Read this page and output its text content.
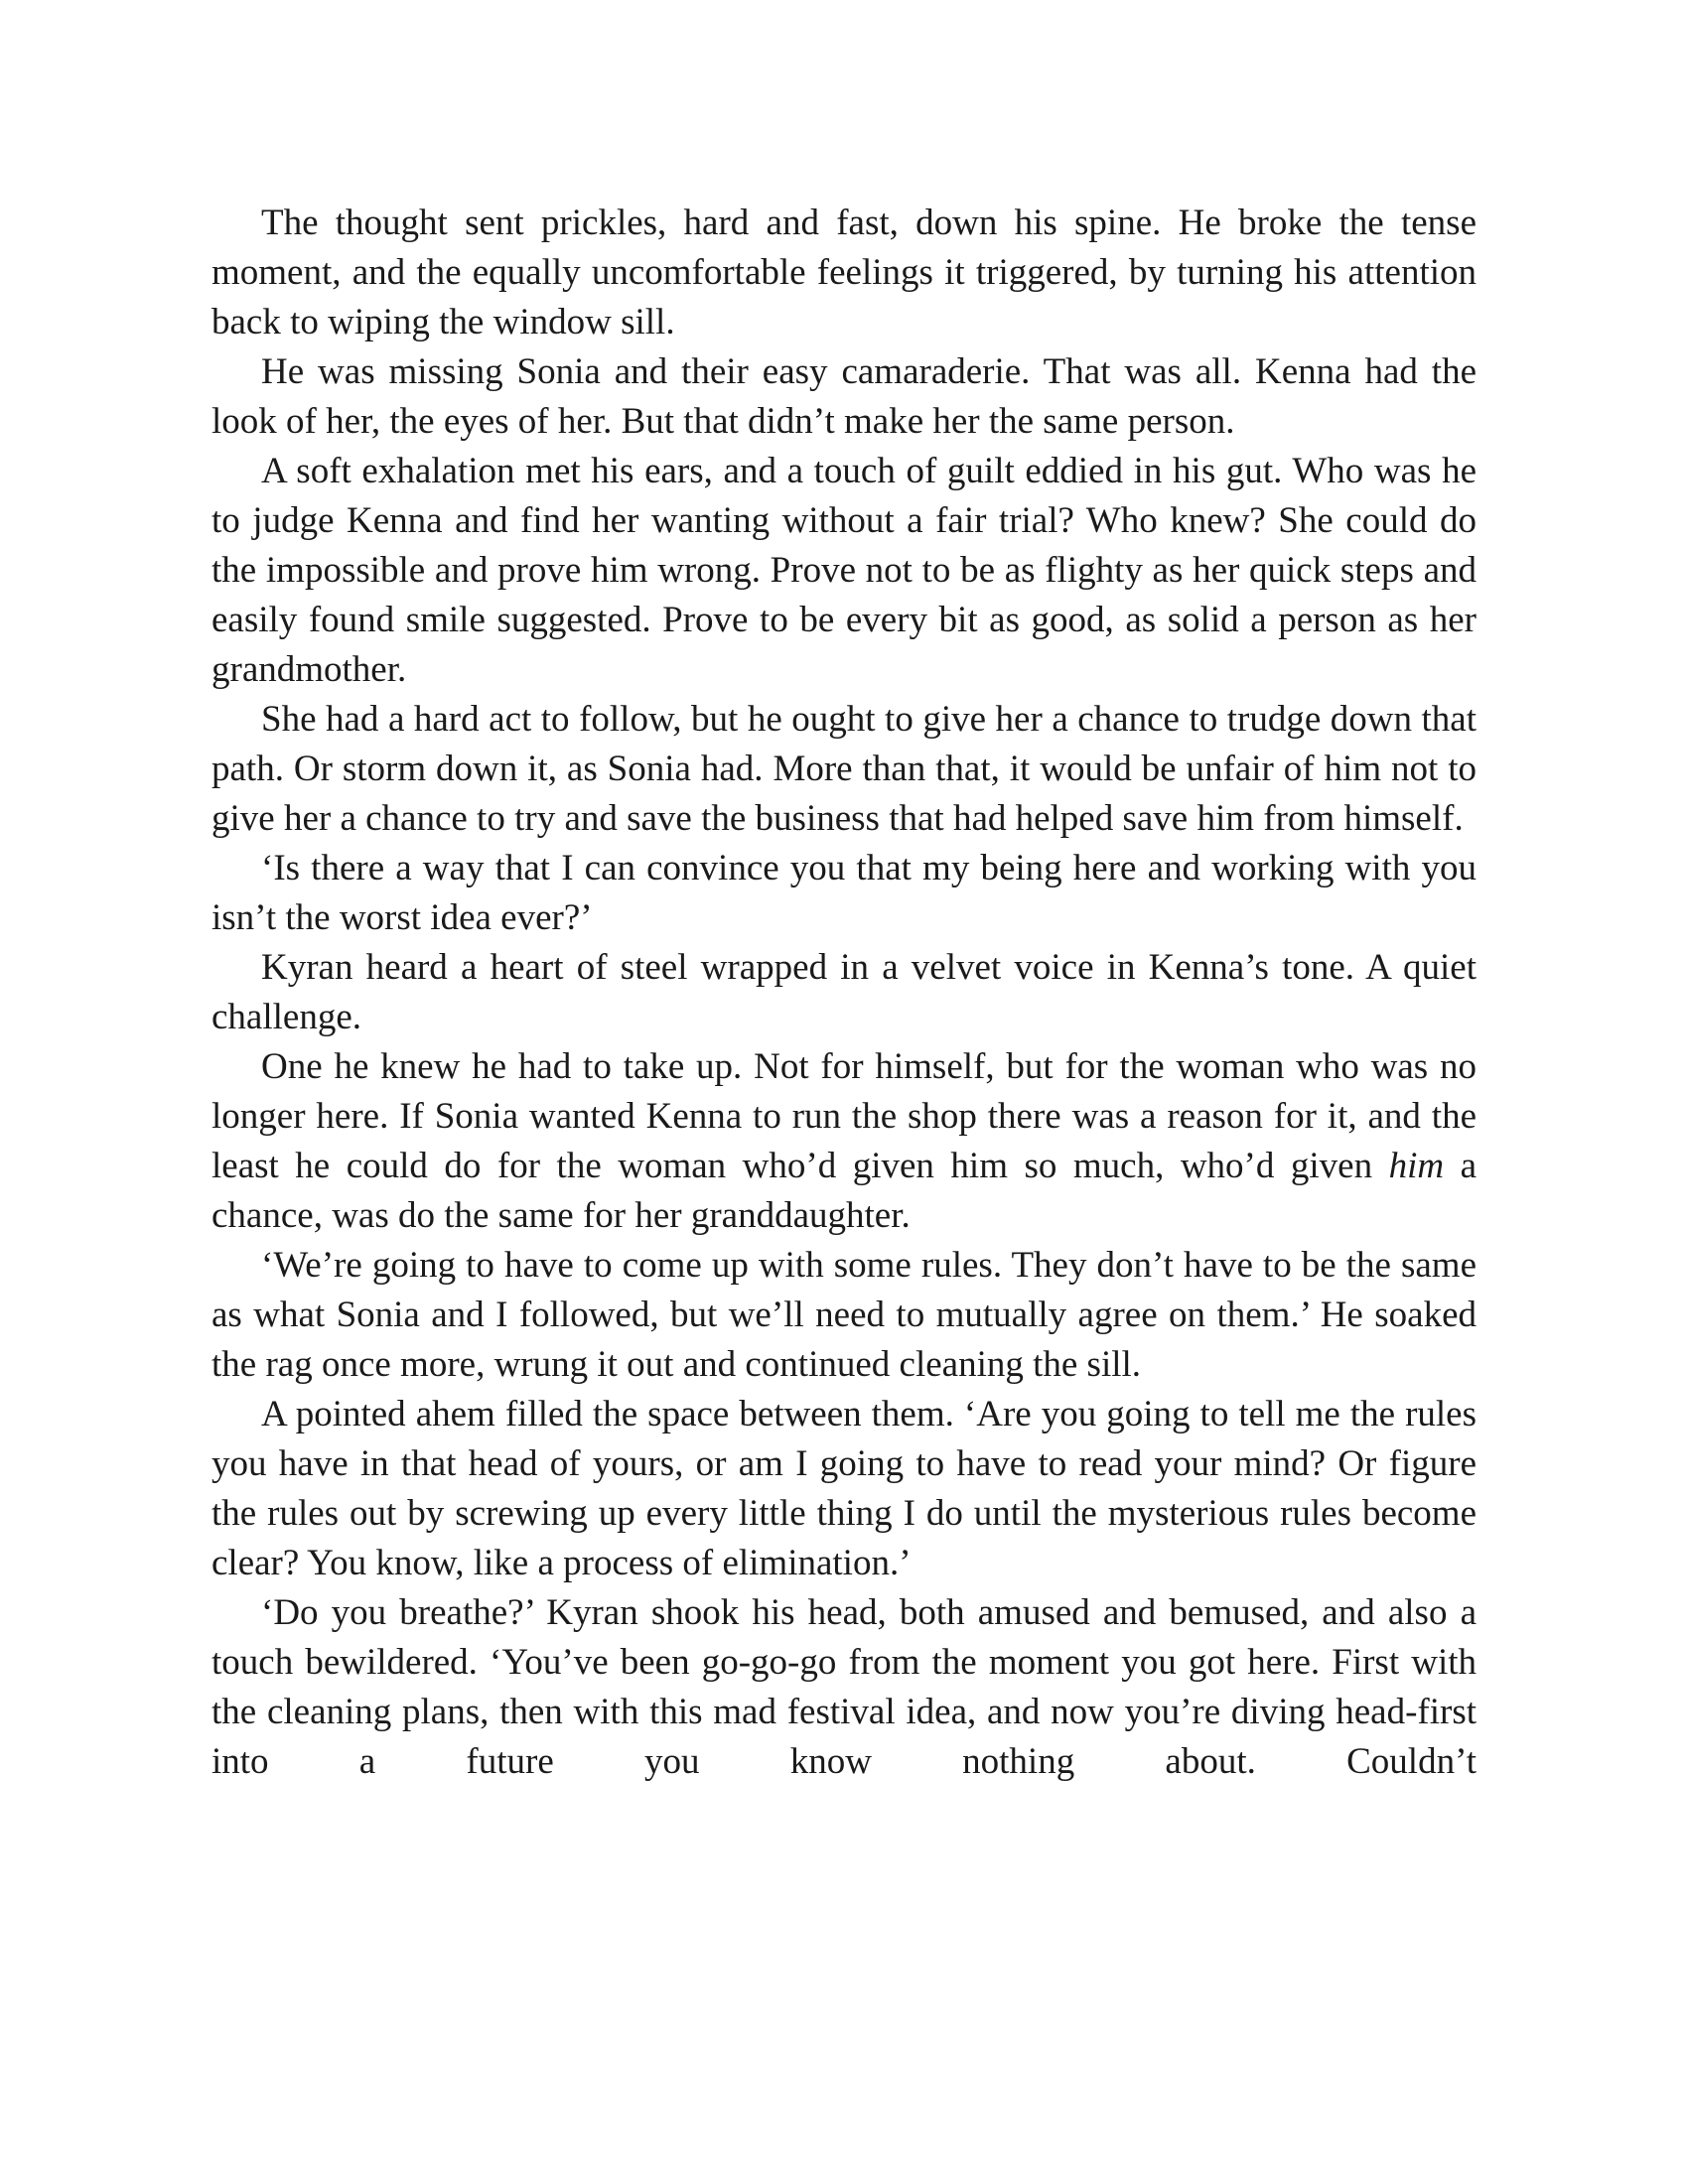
The thought sent prickles, hard and fast, down his spine. He broke the tense moment, and the equally uncomfortable feelings it triggered, by turning his attention back to wiping the window sill.

He was missing Sonia and their easy camaraderie. That was all. Kenna had the look of her, the eyes of her. But that didn’t make her the same person.

A soft exhalation met his ears, and a touch of guilt eddied in his gut. Who was he to judge Kenna and find her wanting without a fair trial? Who knew? She could do the impossible and prove him wrong. Prove not to be as flighty as her quick steps and easily found smile suggested. Prove to be every bit as good, as solid a person as her grandmother.

She had a hard act to follow, but he ought to give her a chance to trudge down that path. Or storm down it, as Sonia had. More than that, it would be unfair of him not to give her a chance to try and save the business that had helped save him from himself.

‘Is there a way that I can convince you that my being here and working with you isn’t the worst idea ever?’

Kyran heard a heart of steel wrapped in a velvet voice in Kenna’s tone. A quiet challenge.

One he knew he had to take up. Not for himself, but for the woman who was no longer here. If Sonia wanted Kenna to run the shop there was a reason for it, and the least he could do for the woman who’d given him so much, who’d given him a chance, was do the same for her granddaughter.

‘We’re going to have to come up with some rules. They don’t have to be the same as what Sonia and I followed, but we’ll need to mutually agree on them.’ He soaked the rag once more, wrung it out and continued cleaning the sill.

A pointed ahem filled the space between them. ‘Are you going to tell me the rules you have in that head of yours, or am I going to have to read your mind? Or figure the rules out by screwing up every little thing I do until the mysterious rules become clear? You know, like a process of elimination.’

‘Do you breathe?’ Kyran shook his head, both amused and bemused, and also a touch bewildered. ‘You’ve been go-go-go from the moment you got here. First with the cleaning plans, then with this mad festival idea, and now you’re diving head-first into a future you know nothing about. Couldn’t
